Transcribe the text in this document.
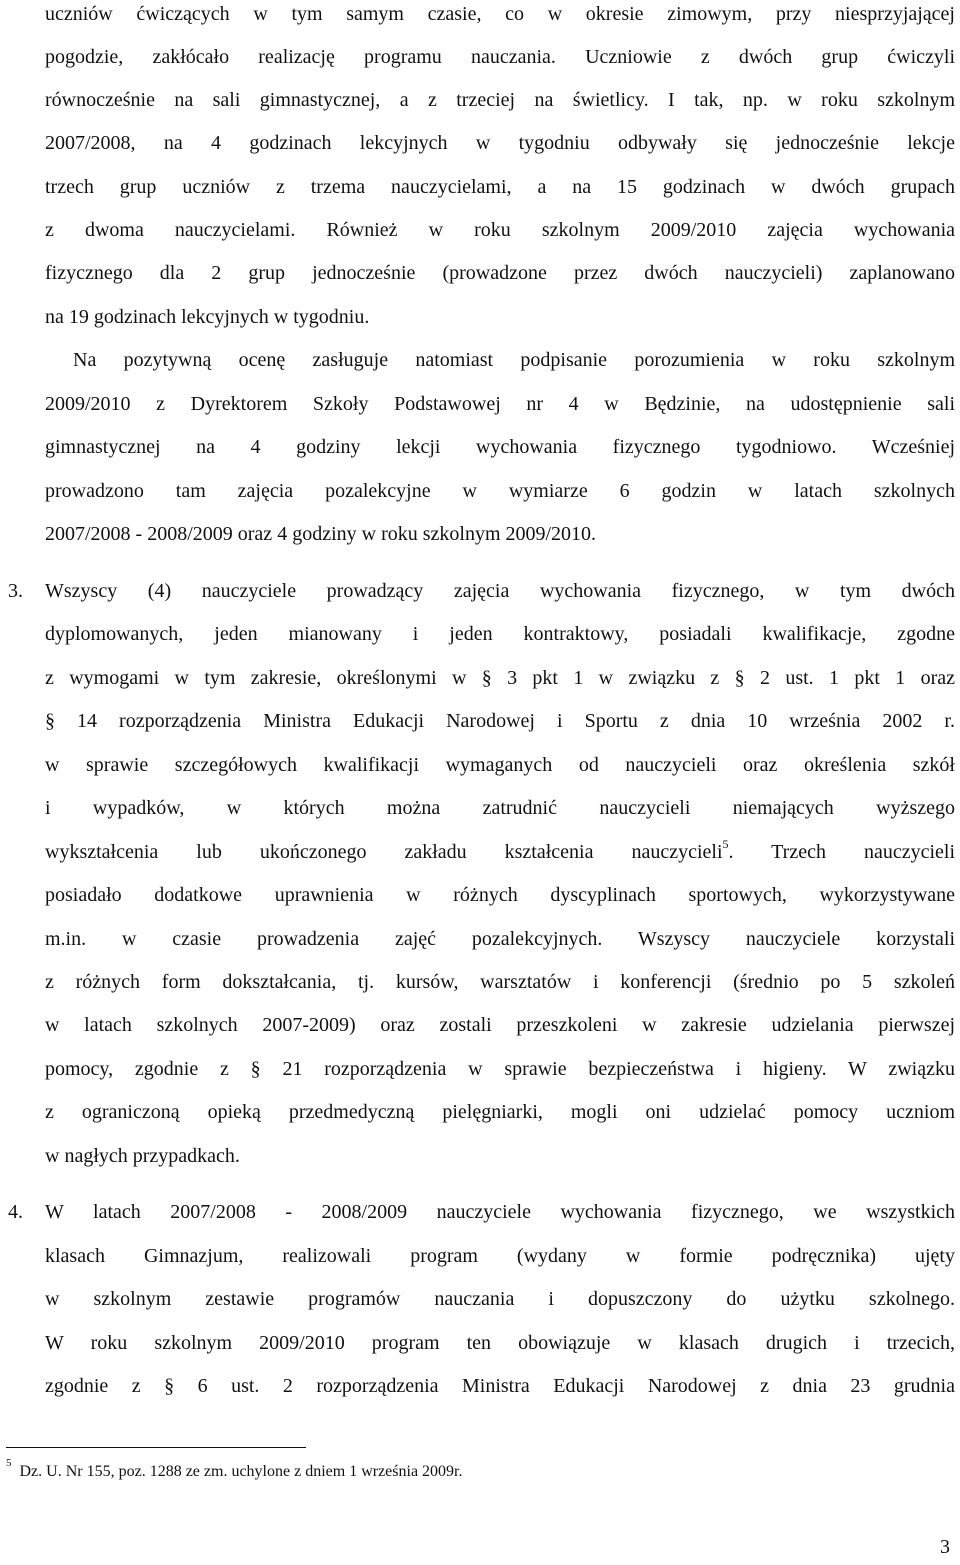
uczniów ćwiczących w tym samym czasie, co w okresie zimowym, przy niesprzyjającej
pogodzie, zakłócało realizację programu nauczania. Uczniowie z dwóch grup ćwiczyli
równocześnie na sali gimnastycznej, a z trzeciej na świetlicy. I tak, np. w roku szkolnym
2007/2008, na 4 godzinach lekcyjnych w tygodniu odbywały się jednocześnie lekcje
trzech grup uczniów z trzema nauczycielami, a na 15 godzinach w dwóch grupach
z dwoma nauczycielami. Również w roku szkolnym 2009/2010 zajęcia wychowania
fizycznego dla 2 grup jednocześnie (prowadzone przez dwóch nauczycieli) zaplanowano
na 19 godzinach lekcyjnych w tygodniu.
Na pozytywną ocenę zasługuje natomiast podpisanie porozumienia w roku szkolnym
2009/2010 z Dyrektorem Szkoły Podstawowej nr 4 w Będzinie, na udostępnienie sali
gimnastycznej na 4 godziny lekcji wychowania fizycznego tygodniowo. Wcześniej
prowadzono tam zajęcia pozalekcyjne w wymiarze 6 godzin w latach szkolnych
2007/2008 - 2008/2009 oraz 4 godziny w roku szkolnym 2009/2010.
3. Wszyscy (4) nauczyciele prowadzący zajęcia wychowania fizycznego, w tym dwóch
dyplomowanych, jeden mianowany i jeden kontraktowy, posiadali kwalifikacje, zgodne
z wymogami w tym zakresie, określonymi w § 3 pkt 1 w związku z § 2 ust. 1 pkt 1 oraz
§ 14 rozporządzenia Ministra Edukacji Narodowej i Sportu z dnia 10 września 2002 r.
w sprawie szczegółowych kwalifikacji wymaganych od nauczycieli oraz określenia szkół
i wypadków, w których można zatrudnić nauczycieli niemających wyższego
wykształcenia lub ukończonego zakładu kształcenia nauczycieli$^5$. Trzech nauczycieli
posiadało dodatkowe uprawnienia w różnych dyscyplinach sportowych, wykorzystywane
m.in. w czasie prowadzenia zajęć pozalekcyjnych. Wszyscy nauczyciele korzystali
z różnych form dokształcania, tj. kursów, warsztatów i konferencji (średnio po 5 szkoleń
w latach szkolnych 2007-2009) oraz zostali przeszkoleni w zakresie udzielania pierwszej
pomocy, zgodnie z § 21 rozporządzenia w sprawie bezpieczeństwa i higieny. W związku
z ograniczoną opieką przedmedyczną pielęgniarki, mogli oni udzielać pomocy uczniom
w nagłych przypadkach.
4. W latach 2007/2008 - 2008/2009 nauczyciele wychowania fizycznego, we wszystkich
klasach Gimnazjum, realizowali program (wydany w formie podręcznika) ujęty
w szkolnym zestawie programów nauczania i dopuszczony do użytku szkolnego.
W roku szkolnym 2009/2010 program ten obowiązuje w klasach drugich i trzecich,
zgodnie z § 6 ust. 2 rozporządzenia Ministra Edukacji Narodowej z dnia 23 grudnia
$^5$Dz. U. Nr 155, poz. 1288 ze zm. uchylone z dniem 1 września 2009r.
3
